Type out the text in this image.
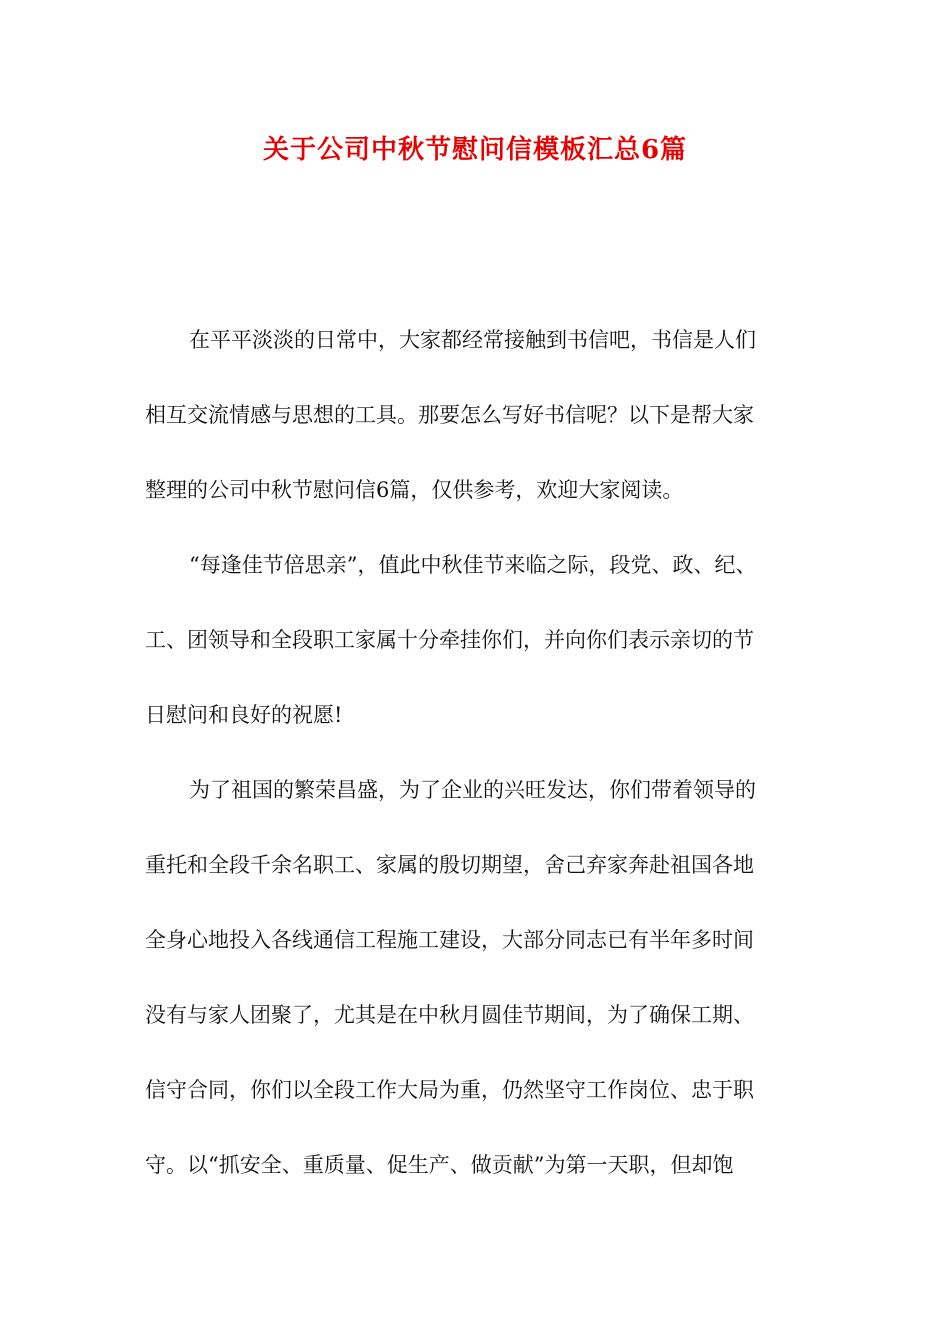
关于公司中秋节慰问信模板汇总6篇
在平平淡淡的日常中，大家都经常接触到书信吧，书信是人们
相互交流情感与思想的工具。那要怎么写好书信呢？以下是帮大家
整理的公司中秋节慰问信6篇，仅供参考，欢迎大家阅读。
“每逢佳节倍思亲”，值此中秋佳节来临之际，段党、政、纪、
工、团领导和全段职工家属十分牵挂你们，并向你们表示亲切的节
日慰问和良好的祝愿!
为了祖国的繁荣昌盛，为了企业的兴旺发达，你们带着领导的
重托和全段千余名职工、家属的殷切期望，舍己弃家奔赴祖国各地
全身心地投入各线通信工程施工建设，大部分同志已有半年多时间
没有与家人团聚了，尤其是在中秋月圆佳节期间，为了确保工期、
信守合同，你们以全段工作大局为重，仍然坚守工作岗位、忠于职
守。以“抓安全、重质量、促生产、做贡献”为第一天职，但却饱
